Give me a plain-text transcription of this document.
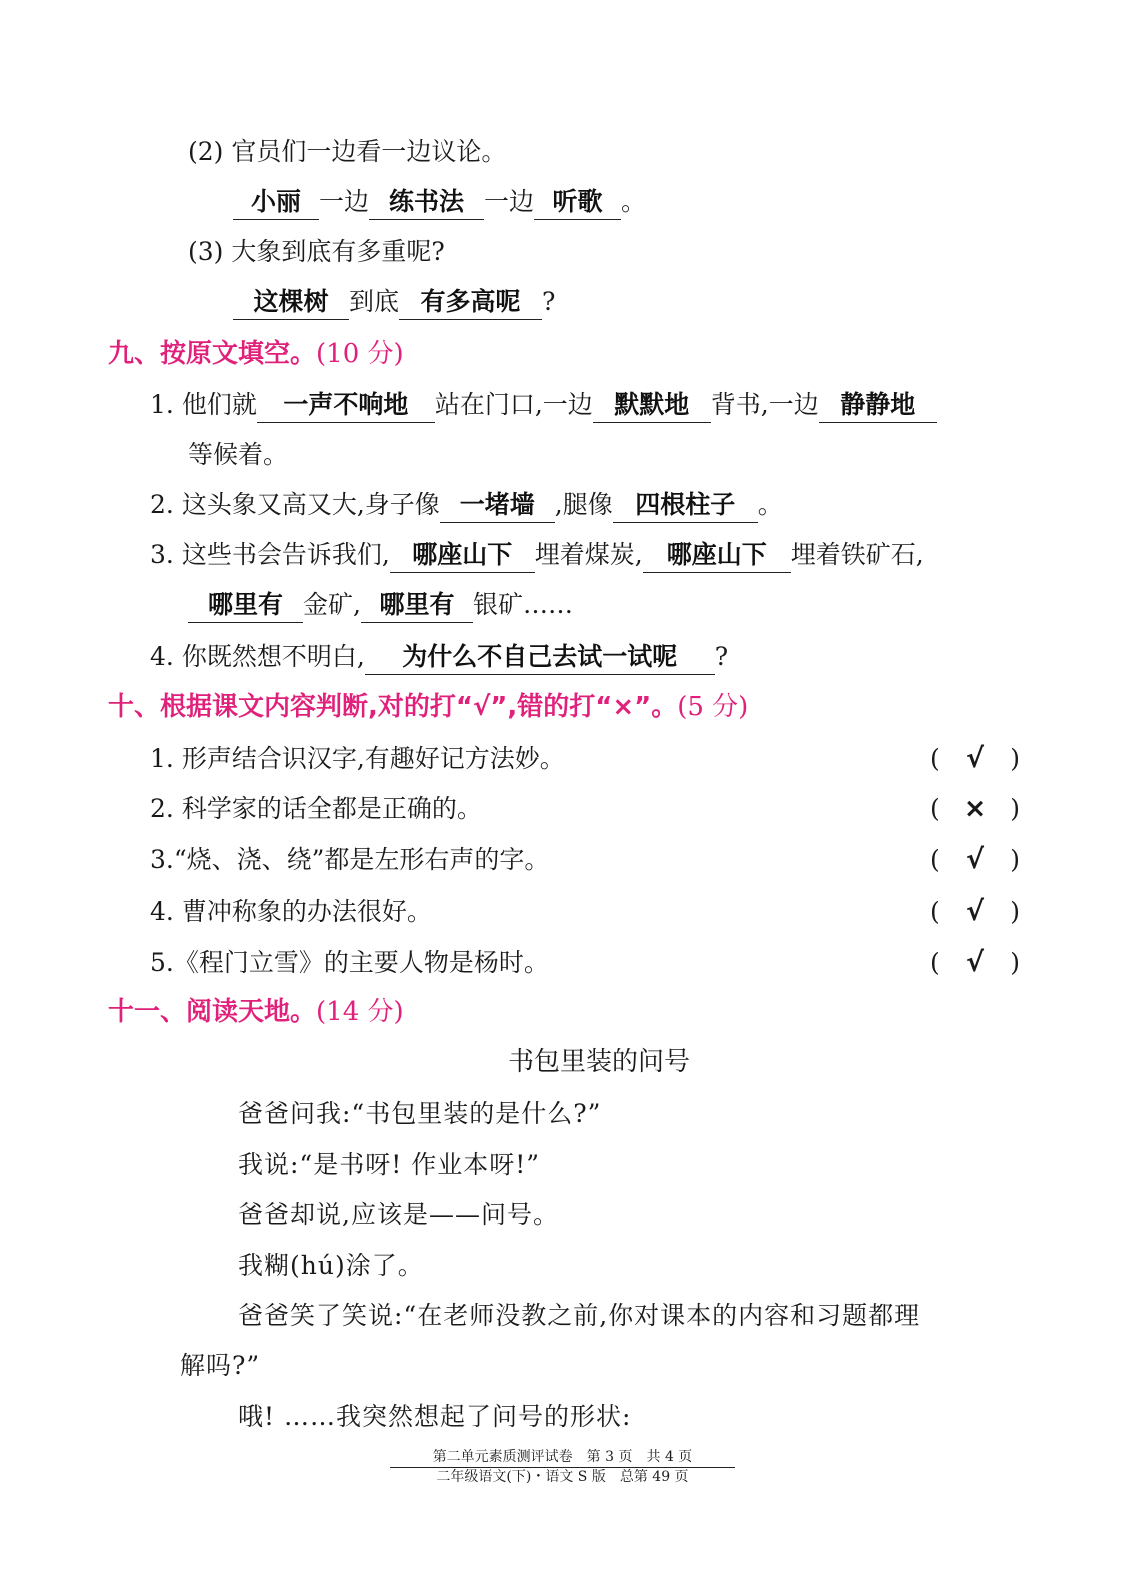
(2) 官员们一边看一边议论。
小丽 一边 练书法 一边 听歌 。
(3) 大象到底有多重呢?
这棵树 到底 有多高呢 ?
九、按原文填空。(10 分)
1. 他们就 一声不响地 站在门口,一边 默默地 背书,一边 静静地
等候着。
2. 这头象又高又大,身子像 一堵墙 ,腿像 四根柱子 。
3. 这些书会告诉我们, 哪座山下 埋着煤炭, 哪座山下 埋着铁矿石,
哪里有 金矿, 哪里有 银矿……
4. 你既然想不明白, 为什么不自己去试一试呢 ?
十、根据课文内容判断,对的打“√”,错的打“×”。(5 分)
1. 形声结合识汉字,有趣好记方法妙。	( √ )
2. 科学家的话全都是正确的。	( × )
3.“烧、浇、绕”都是左形右声的字。	( √ )
4. 曹冲称象的办法很好。	( √ )
5.《程门立雪》的主要人物是杨时。	( √ )
十一、阅读天地。(14 分)
书包里装的问号
爸爸问我:“书包里装的是什么?”
我说:“是书呀! 作业本呀!”
爸爸却说,应该是——问号。
我糊(hú)涂了。
爸爸笑了笑说:“在老师没教之前,你对课本的内容和习题都理
解吗?”
哦! ……我突然想起了问号的形状:
第二单元素质测评试卷　第 3 页　共 4 页
二年级语文(下)・语文 S 版　总第 49 页
